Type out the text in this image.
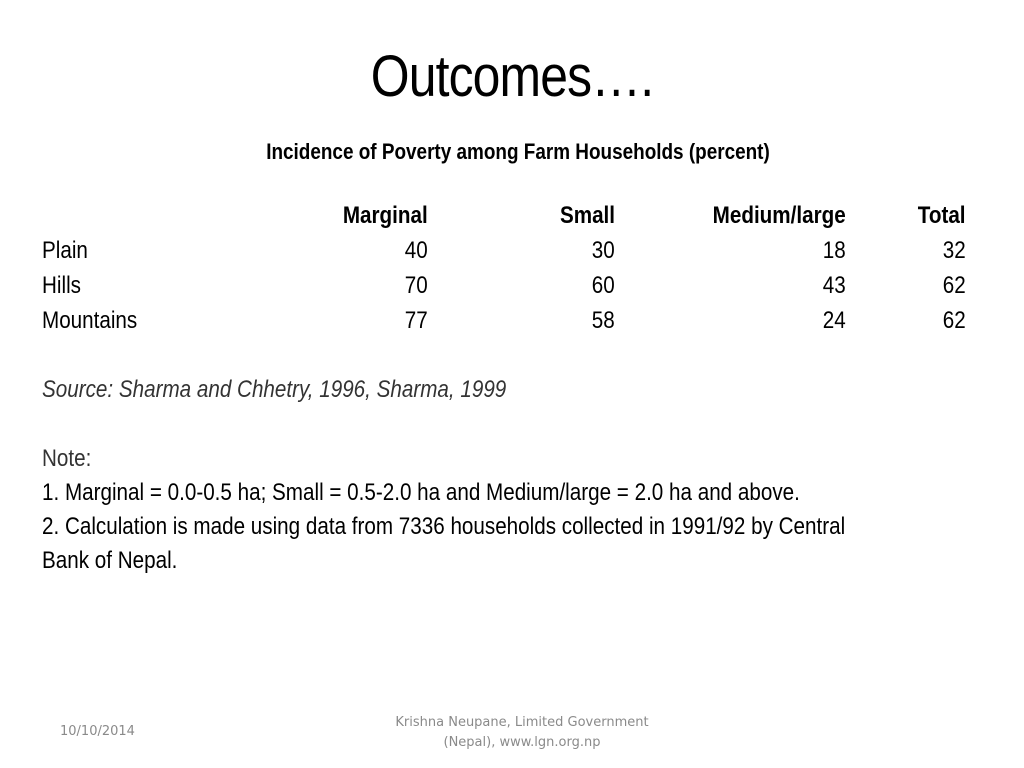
Outcomes….
Incidence of Poverty among Farm Households (percent)
	Marginal	Small	Medium/large	Total
Plain	40	30	18	32
Hills	70	60	43	62
Mountains	77	58	24	62
Source: Sharma and Chhetry, 1996, Sharma, 1999
Note:
1. Marginal = 0.0-0.5 ha; Small = 0.5-2.0 ha and Medium/large = 2.0 ha and above.
2. Calculation is made using data from 7336 households collected in 1991/92 by Central
Bank of Nepal.
10/10/2014
Krishna Neupane, Limited Government
(Nepal), www.lgn.org.np
